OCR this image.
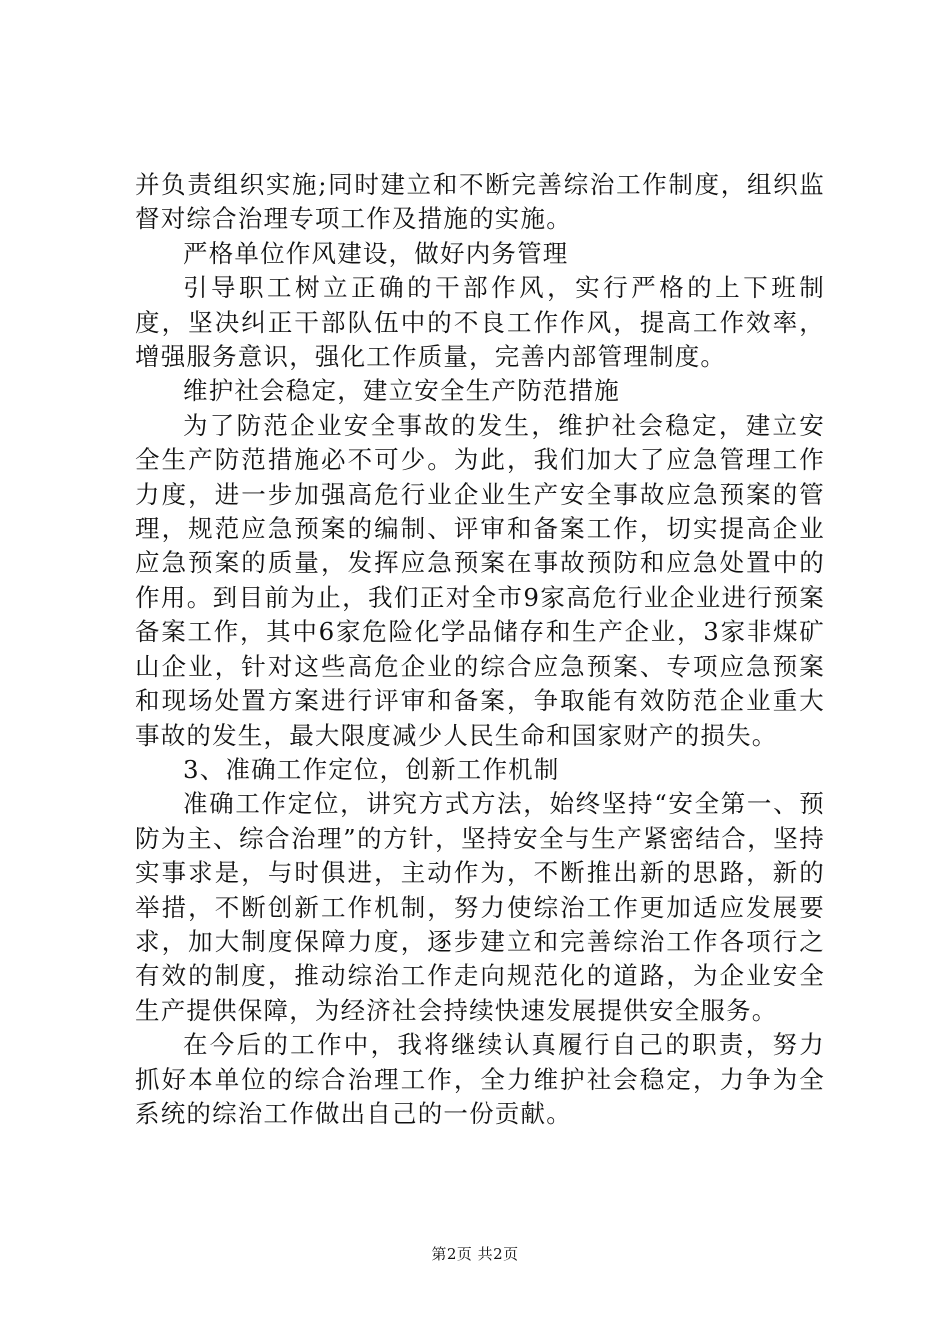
并负责组织实施;同时建立和不断完善综治工作制度，组织监督对综合治理专项工作及措施的实施。

严格单位作风建设，做好内务管理

引导职工树立正确的干部作风，实行严格的上下班制度，坚决纠正干部队伍中的不良工作作风，提高工作效率，增强服务意识，强化工作质量，完善内部管理制度。

维护社会稳定，建立安全生产防范措施

为了防范企业安全事故的发生，维护社会稳定，建立安全生产防范措施必不可少。为此，我们加大了应急管理工作力度，进一步加强高危行业企业生产安全事故应急预案的管理，规范应急预案的编制、评审和备案工作，切实提高企业应急预案的质量，发挥应急预案在事故预防和应急处置中的作用。到目前为止，我们正对全市9家高危行业企业进行预案备案工作，其中6家危险化学品储存和生产企业，3家非煤矿山企业，针对这些高危企业的综合应急预案、专项应急预案和现场处置方案进行评审和备案，争取能有效防范企业重大事故的发生，最大限度减少人民生命和国家财产的损失。

3、准确工作定位，创新工作机制

准确工作定位，讲究方式方法，始终坚持“安全第一、预防为主、综合治理”的方针，坚持安全与生产紧密结合，坚持实事求是，与时俱进，主动作为，不断推出新的思路，新的举措，不断创新工作机制，努力使综治工作更加适应发展要求，加大制度保障力度，逐步建立和完善综治工作各项行之有效的制度，推动综治工作走向规范化的道路，为企业安全生产提供保障，为经济社会持续快速发展提供安全服务。

在今后的工作中，我将继续认真履行自己的职责，努力抓好本单位的综合治理工作，全力维护社会稳定，力争为全系统的综治工作做出自己的一份贡献。

第2页 共2页
